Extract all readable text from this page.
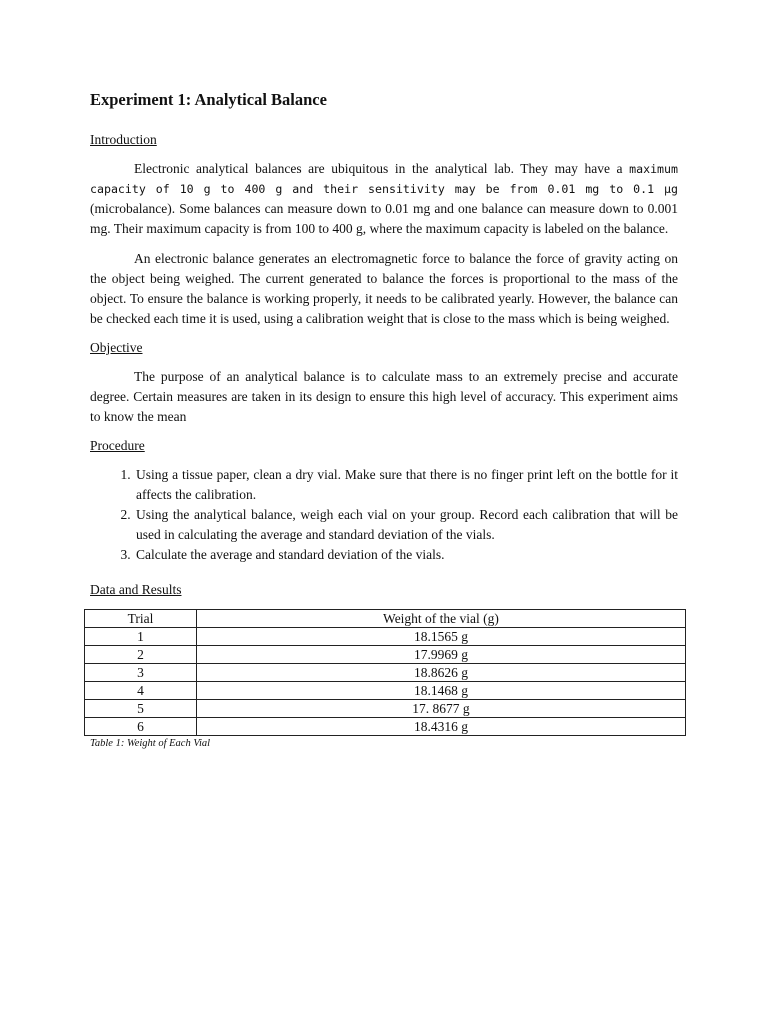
Experiment 1: Analytical Balance
Introduction

Electronic analytical balances are ubiquitous in the analytical lab. They may have a maximum capacity of 10 g to 400 g and their sensitivity may be from 0.01 mg to 0.1 µg (microbalance). Some balances can measure down to 0.01 mg and one balance can measure down to 0.001 mg. Their maximum capacity is from 100 to 400 g, where the maximum capacity is labeled on the balance.

An electronic balance generates an electromagnetic force to balance the force of gravity acting on the object being weighed. The current generated to balance the forces is proportional to the mass of the object. To ensure the balance is working properly, it needs to be calibrated yearly. However, the balance can be checked each time it is used, using a calibration weight that is close to the mass which is being weighed.

Objective

The purpose of an analytical balance is to calculate mass to an extremely precise and accurate degree. Certain measures are taken in its design to ensure this high level of accuracy. This experiment aims to know the mean

Procedure
1. Using a tissue paper, clean a dry vial. Make sure that there is no finger print left on the bottle for it affects the calibration.
2. Using the analytical balance, weigh each vial on your group. Record each calibration that will be used in calculating the average and standard deviation of the vials.
3. Calculate the average and standard deviation of the vials.
Data and Results
Trial	Weight of the vial (g)
1	18.1565 g
2	17.9969 g
3	18.8626 g
4	18.1468 g
5	17. 8677 g
6	18.4316 g
Table 1: Weight of Each Vial
